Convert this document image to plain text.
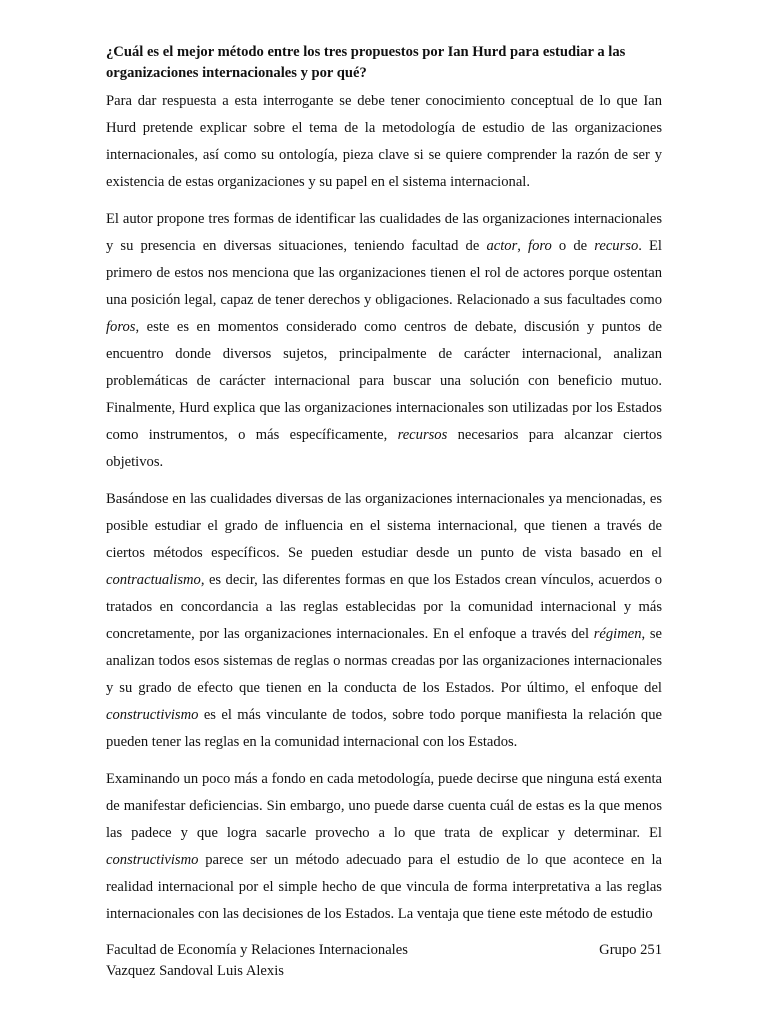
¿Cuál es el mejor método entre los tres propuestos por Ian Hurd para estudiar a las organizaciones internacionales y por qué?

Para dar respuesta a esta interrogante se debe tener conocimiento conceptual de lo que Ian Hurd pretende explicar sobre el tema de la metodología de estudio de las organizaciones internacionales, así como su ontología, pieza clave si se quiere comprender la razón de ser y existencia de estas organizaciones y su papel en el sistema internacional.

El autor propone tres formas de identificar las cualidades de las organizaciones internacionales y su presencia en diversas situaciones, teniendo facultad de actor, foro o de recurso. El primero de estos nos menciona que las organizaciones tienen el rol de actores porque ostentan una posición legal, capaz de tener derechos y obligaciones. Relacionado a sus facultades como foros, este es en momentos considerado como centros de debate, discusión y puntos de encuentro donde diversos sujetos, principalmente de carácter internacional, analizan problemáticas de carácter internacional para buscar una solución con beneficio mutuo. Finalmente, Hurd explica que las organizaciones internacionales son utilizadas por los Estados como instrumentos, o más específicamente, recursos necesarios para alcanzar ciertos objetivos.

Basándose en las cualidades diversas de las organizaciones internacionales ya mencionadas, es posible estudiar el grado de influencia en el sistema internacional, que tienen a través de ciertos métodos específicos. Se pueden estudiar desde un punto de vista basado en el contractualismo, es decir, las diferentes formas en que los Estados crean vínculos, acuerdos o tratados en concordancia a las reglas establecidas por la comunidad internacional y más concretamente, por las organizaciones internacionales. En el enfoque a través del régimen, se analizan todos esos sistemas de reglas o normas creadas por las organizaciones internacionales y su grado de efecto que tienen en la conducta de los Estados. Por último, el enfoque del constructivismo es el más vinculante de todos, sobre todo porque manifiesta la relación que pueden tener las reglas en la comunidad internacional con los Estados.

Examinando un poco más a fondo en cada metodología, puede decirse que ninguna está exenta de manifestar deficiencias. Sin embargo, uno puede darse cuenta cuál de estas es la que menos las padece y que logra sacarle provecho a lo que trata de explicar y determinar. El constructivismo parece ser un método adecuado para el estudio de lo que acontece en la realidad internacional por el simple hecho de que vincula de forma interpretativa a las reglas internacionales con las decisiones de los Estados. La ventaja que tiene este método de estudio

Facultad de Economía y Relaciones Internacionales	Grupo 251
Vazquez Sandoval Luis Alexis
